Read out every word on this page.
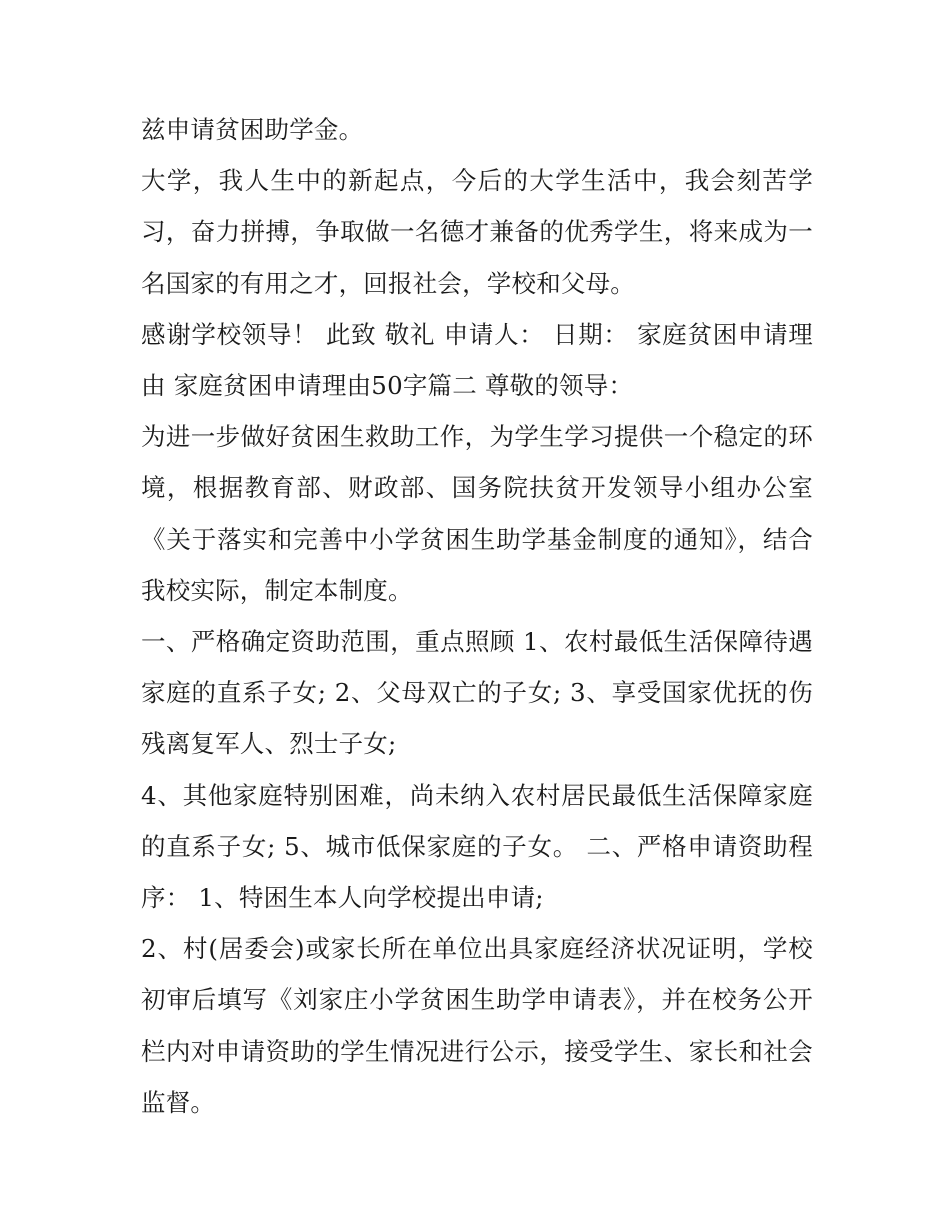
兹申请贫困助学金。

大学，我人生中的新起点，今后的大学生活中，我会刻苦学习，奋力拼搏，争取做一名德才兼备的优秀学生，将来成为一名国家的有用之才，回报社会，学校和父母。

感谢学校领导！ 此致 敬礼 申请人： 日期： 家庭贫困申请理由 家庭贫困申请理由50字篇二 尊敬的领导：

为进一步做好贫困生救助工作，为学生学习提供一个稳定的环境，根据教育部、财政部、国务院扶贫开发领导小组办公室《关于落实和完善中小学贫困生助学基金制度的通知》，结合我校实际，制定本制度。

一、严格确定资助范围，重点照顾 1、农村最低生活保障待遇家庭的直系子女; 2、父母双亡的子女; 3、享受国家优抚的伤残离复军人、烈士子女;

4、其他家庭特别困难，尚未纳入农村居民最低生活保障家庭的直系子女; 5、城市低保家庭的子女。 二、严格申请资助程序： 1、特困生本人向学校提出申请;

2、村(居委会)或家长所在单位出具家庭经济状况证明，学校初审后填写《刘家庄小学贫困生助学申请表》，并在校务公开栏内对申请资助的学生情况进行公示，接受学生、家长和社会监督。
